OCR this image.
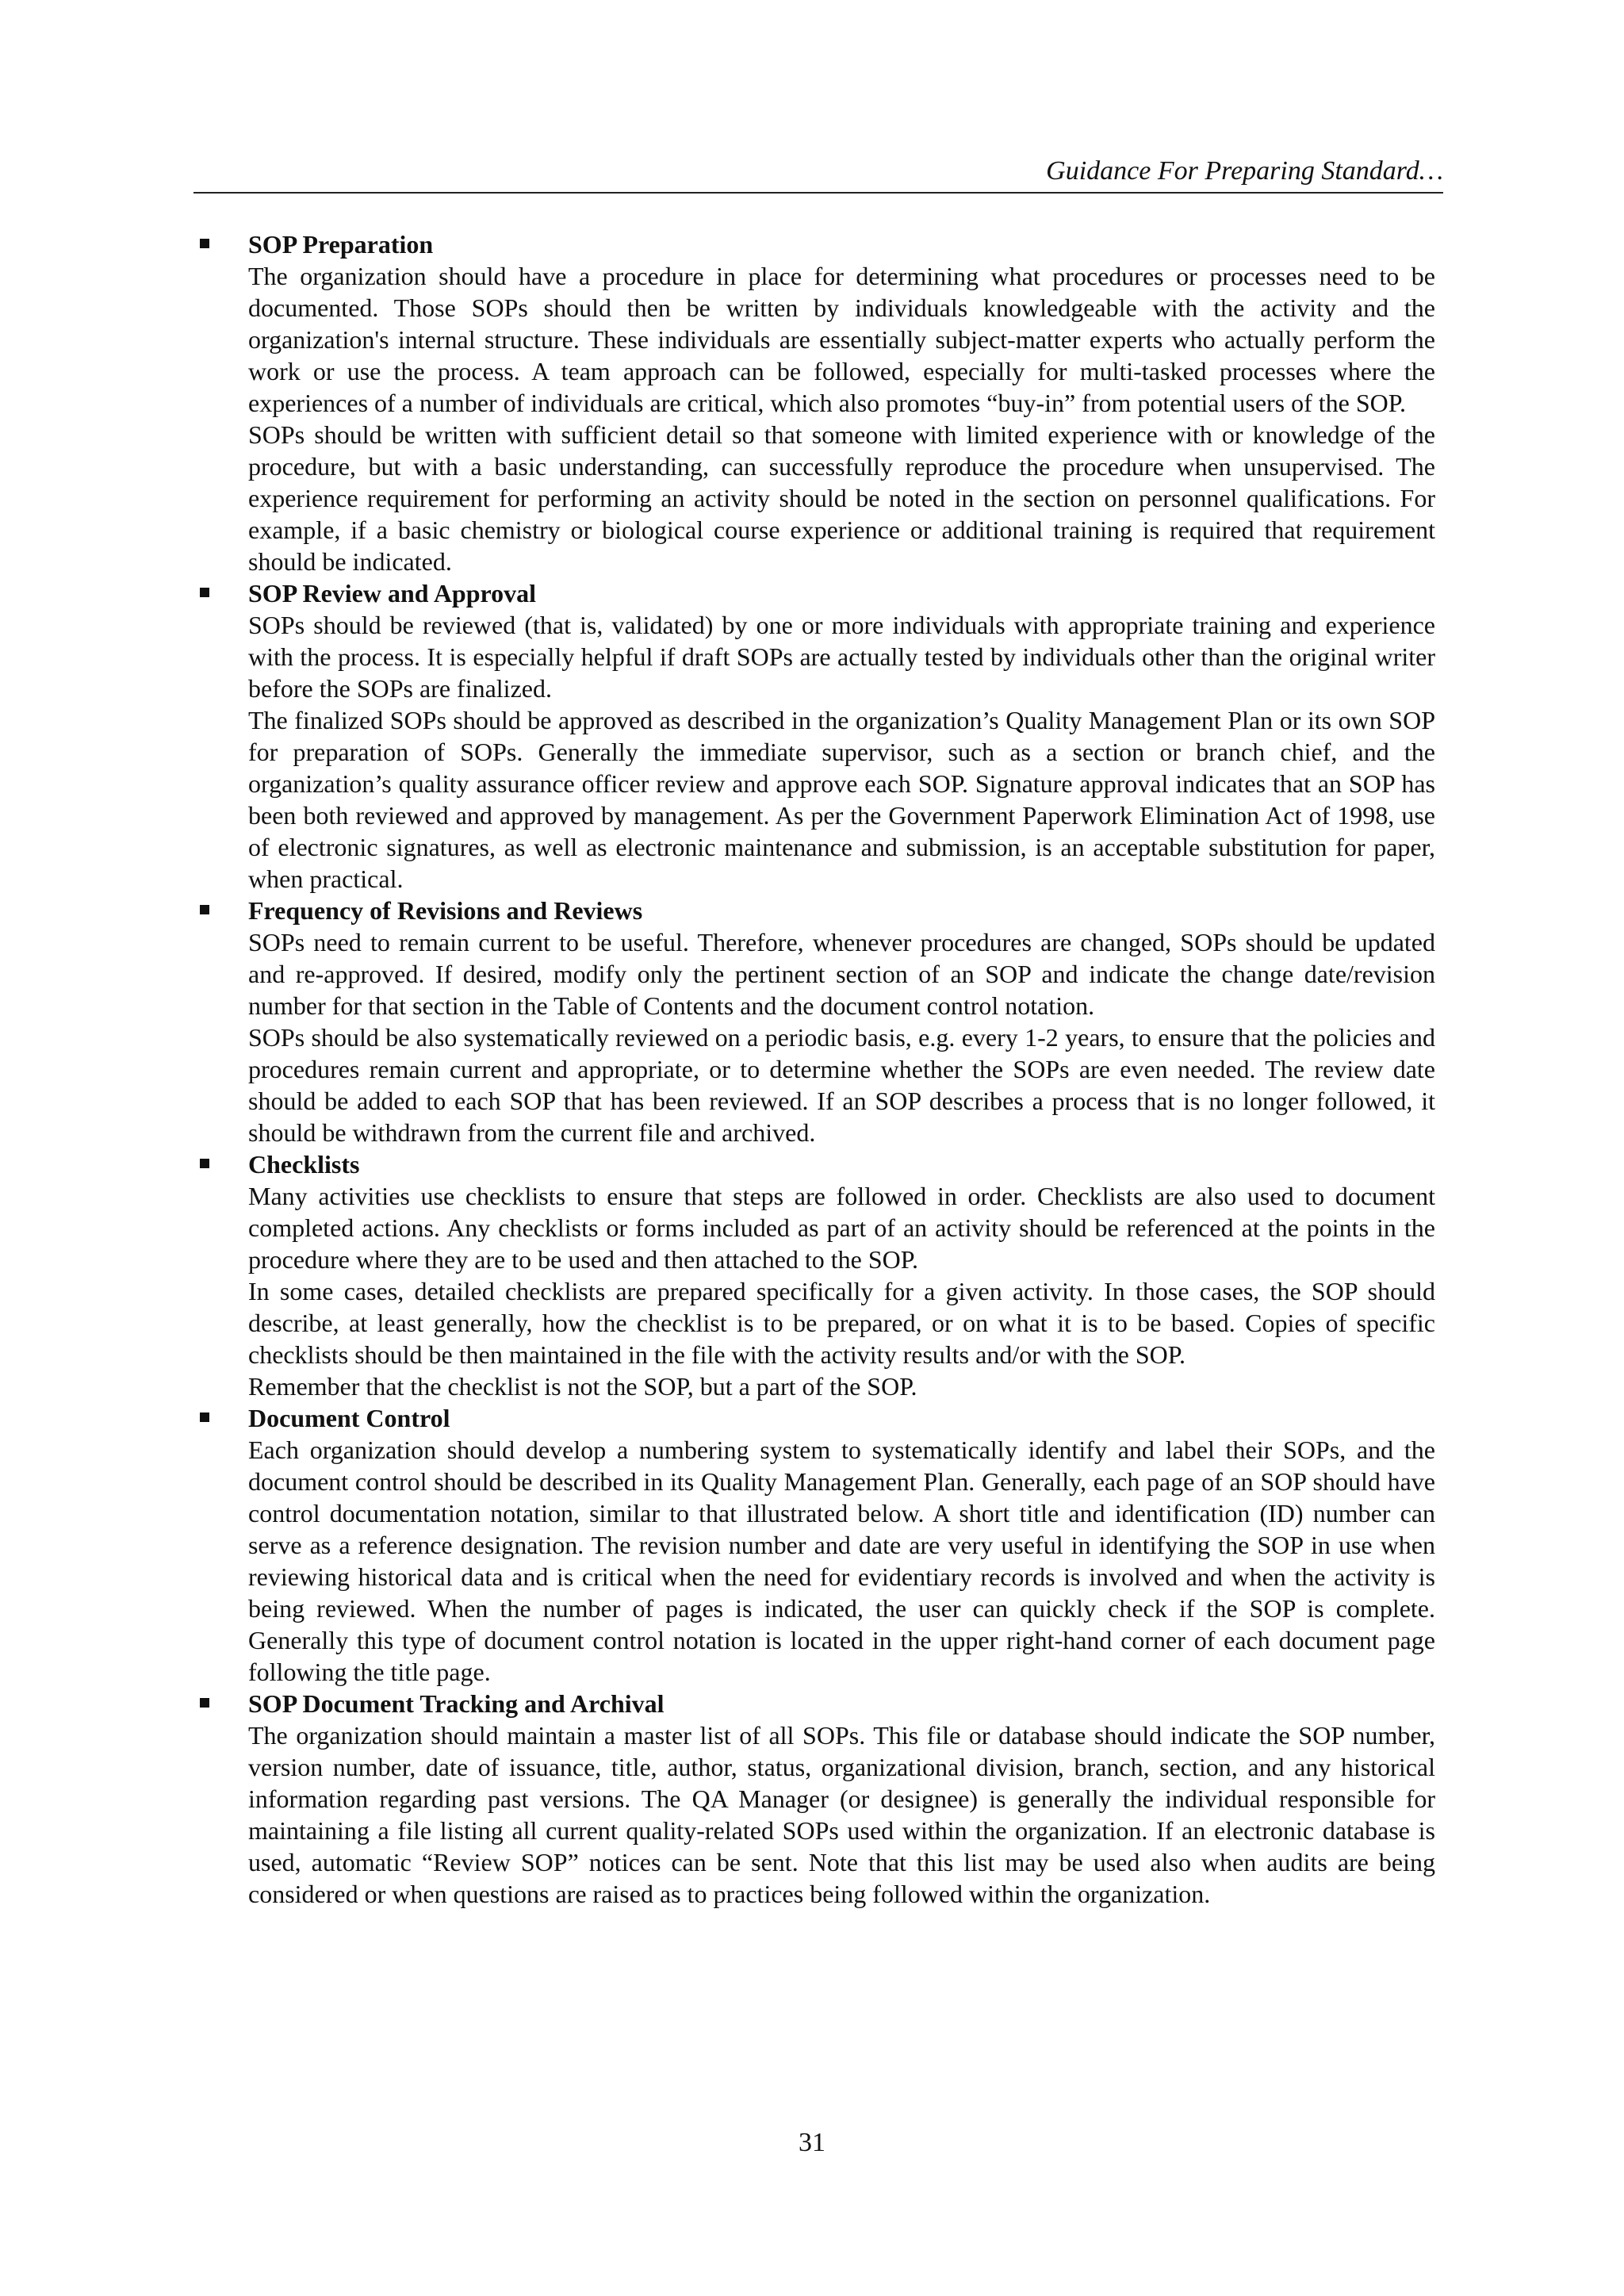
Guidance For Preparing Standard…

SOP Preparation

The organization should have a procedure in place for determining what procedures or processes need to be documented. Those SOPs should then be written by individuals knowledgeable with the activity and the organization's internal structure. These individuals are essentially subject-matter experts who actually perform the work or use the process. A team approach can be followed, especially for multi-tasked processes where the experiences of a number of individuals are critical, which also promotes “buy-in” from potential users of the SOP.

SOPs should be written with sufficient detail so that someone with limited experience with or knowledge of the procedure, but with a basic understanding, can successfully reproduce the procedure when unsupervised. The experience requirement for performing an activity should be noted in the section on personnel qualifications. For example, if a basic chemistry or biological course experience or additional training is required that requirement should be indicated.

SOP Review and Approval

SOPs should be reviewed (that is, validated) by one or more individuals with appropriate training and experience with the process. It is especially helpful if draft SOPs are actually tested by individuals other than the original writer before the SOPs are finalized.

The finalized SOPs should be approved as described in the organization’s Quality Management Plan or its own SOP for preparation of SOPs. Generally the immediate supervisor, such as a section or branch chief, and the organization’s quality assurance officer review and approve each SOP. Signature approval indicates that an SOP has been both reviewed and approved by management. As per the Government Paperwork Elimination Act of 1998, use of electronic signatures, as well as electronic maintenance and submission, is an acceptable substitution for paper, when practical.

Frequency of Revisions and Reviews

SOPs need to remain current to be useful. Therefore, whenever procedures are changed, SOPs should be updated and re-approved. If desired, modify only the pertinent section of an SOP and indicate the change date/revision number for that section in the Table of Contents and the document control notation.

SOPs should be also systematically reviewed on a periodic basis, e.g. every 1-2 years, to ensure that the policies and procedures remain current and appropriate, or to determine whether the SOPs are even needed. The review date should be added to each SOP that has been reviewed. If an SOP describes a process that is no longer followed, it should be withdrawn from the current file and archived.

Checklists

Many activities use checklists to ensure that steps are followed in order. Checklists are also used to document completed actions. Any checklists or forms included as part of an activity should be referenced at the points in the procedure where they are to be used and then attached to the SOP.

In some cases, detailed checklists are prepared specifically for a given activity. In those cases, the SOP should describe, at least generally, how the checklist is to be prepared, or on what it is to be based. Copies of specific checklists should be then maintained in the file with the activity results and/or with the SOP.

Remember that the checklist is not the SOP, but a part of the SOP.

Document Control

Each organization should develop a numbering system to systematically identify and label their SOPs, and the document control should be described in its Quality Management Plan. Generally, each page of an SOP should have control documentation notation, similar to that illustrated below. A short title and identification (ID) number can serve as a reference designation. The revision number and date are very useful in identifying the SOP in use when reviewing historical data and is critical when the need for evidentiary records is involved and when the activity is being reviewed. When the number of pages is indicated, the user can quickly check if the SOP is complete. Generally this type of document control notation is located in the upper right-hand corner of each document page following the title page.

SOP Document Tracking and Archival

The organization should maintain a master list of all SOPs. This file or database should indicate the SOP number, version number, date of issuance, title, author, status, organizational division, branch, section, and any historical information regarding past versions. The QA Manager (or designee) is generally the individual responsible for maintaining a file listing all current quality-related SOPs used within the organization. If an electronic database is used, automatic “Review SOP” notices can be sent. Note that this list may be used also when audits are being considered or when questions are raised as to practices being followed within the organization.

31
